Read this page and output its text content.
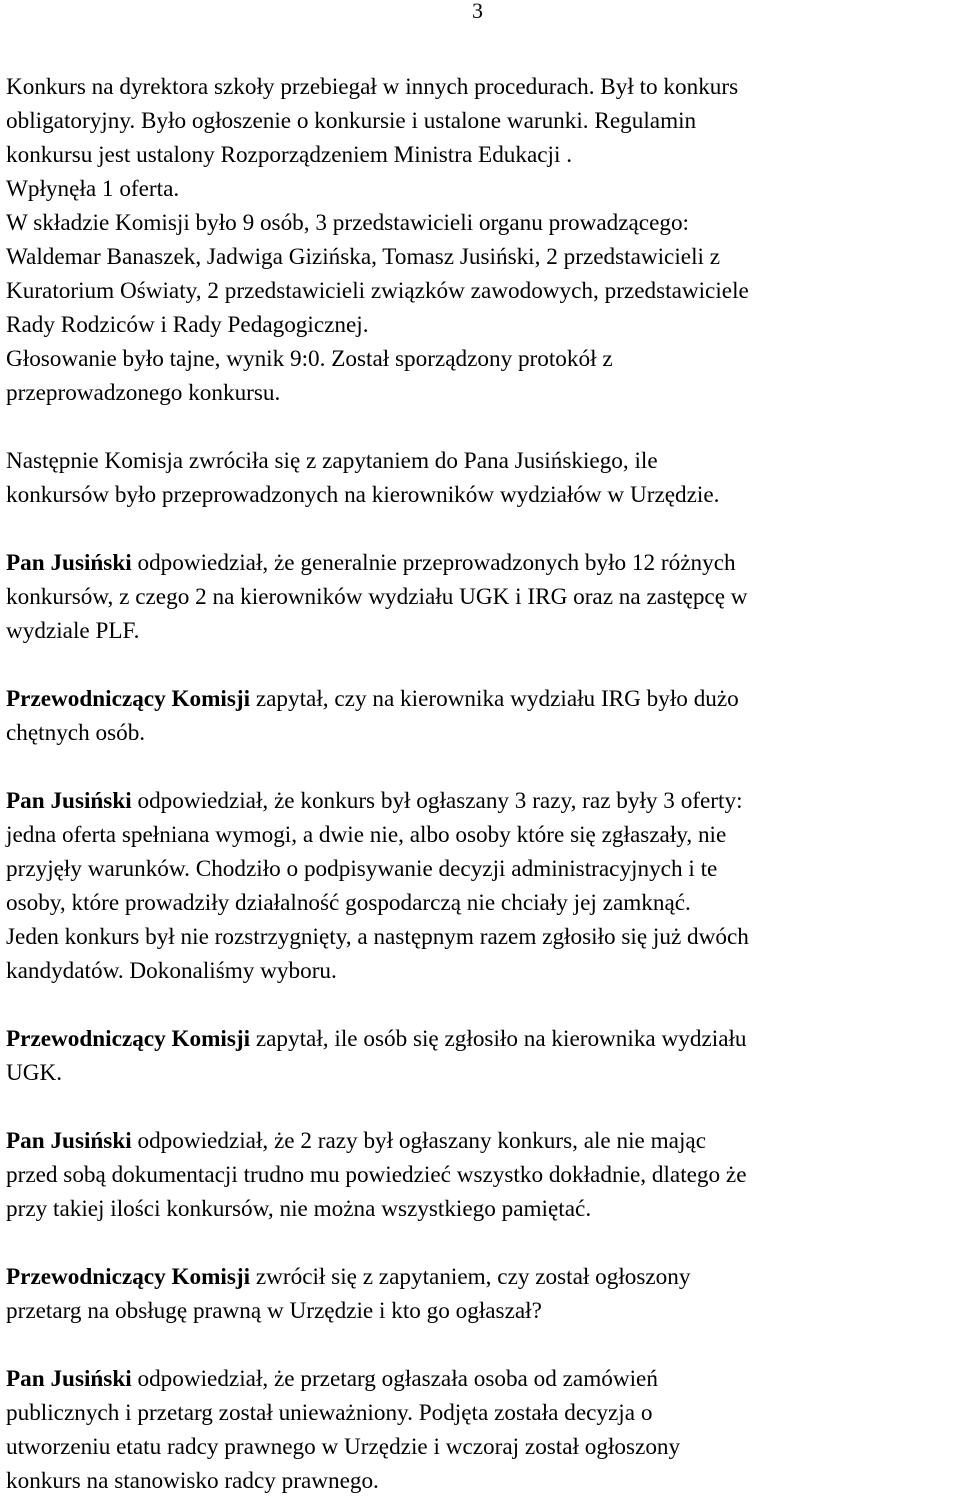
3
Konkurs na dyrektora szkoły przebiegał w innych procedurach. Był to konkurs
obligatoryjny. Było ogłoszenie o konkursie i ustalone warunki. Regulamin
konkursu jest ustalony Rozporządzeniem Ministra Edukacji .
Wpłynęła 1 oferta.
W składzie Komisji było 9 osób, 3 przedstawicieli organu prowadzącego:
Waldemar Banaszek, Jadwiga Gizińska, Tomasz Jusiński, 2 przedstawicieli z
Kuratorium Oświaty, 2 przedstawicieli związków zawodowych, przedstawiciele
Rady Rodziców i Rady Pedagogicznej.
Głosowanie było tajne, wynik 9:0. Został sporządzony protokół z
przeprowadzonego konkursu.
Następnie Komisja zwróciła się z zapytaniem do Pana Jusińskiego, ile
konkursów było przeprowadzonych na kierowników wydziałów w Urzędzie.
Pan Jusiński odpowiedział, że generalnie przeprowadzonych było 12 różnych
konkursów, z czego 2 na kierowników wydziału UGK i IRG oraz na zastępcę w
wydziale PLF.
Przewodniczący Komisji zapytał, czy na kierownika wydziału IRG było dużo
chętnych osób.
Pan Jusiński odpowiedział, że konkurs był ogłaszany 3 razy, raz były 3 oferty:
jedna oferta spełniana wymogi, a dwie nie, albo osoby które się zgłaszały, nie
przyjęły warunków. Chodziło o podpisywanie decyzji administracyjnych i te
osoby, które prowadziły działalność gospodarczą nie chciały jej zamknąć.
Jeden konkurs był nie rozstrzygnięty, a następnym razem zgłosiło się już dwóch
kandydatów. Dokonaliśmy wyboru.
Przewodniczący Komisji zapytał, ile osób się zgłosiło na kierownika wydziału
UGK.
Pan Jusiński odpowiedział, że 2 razy był ogłaszany konkurs, ale nie mając
przed sobą dokumentacji trudno mu powiedzieć wszystko dokładnie, dlatego że
przy takiej ilości konkursów, nie można wszystkiego pamiętać.
Przewodniczący Komisji zwrócił się z zapytaniem, czy został ogłoszony
przetarg na obsługę prawną w Urzędzie i kto go ogłaszał?
Pan Jusiński odpowiedział, że przetarg ogłaszała osoba od zamówień
publicznych i przetarg został unieważniony. Podjęta została decyzja o
utworzeniu etatu radcy prawnego w Urzędzie i wczoraj został ogłoszony
konkurs na stanowisko radcy prawnego.
